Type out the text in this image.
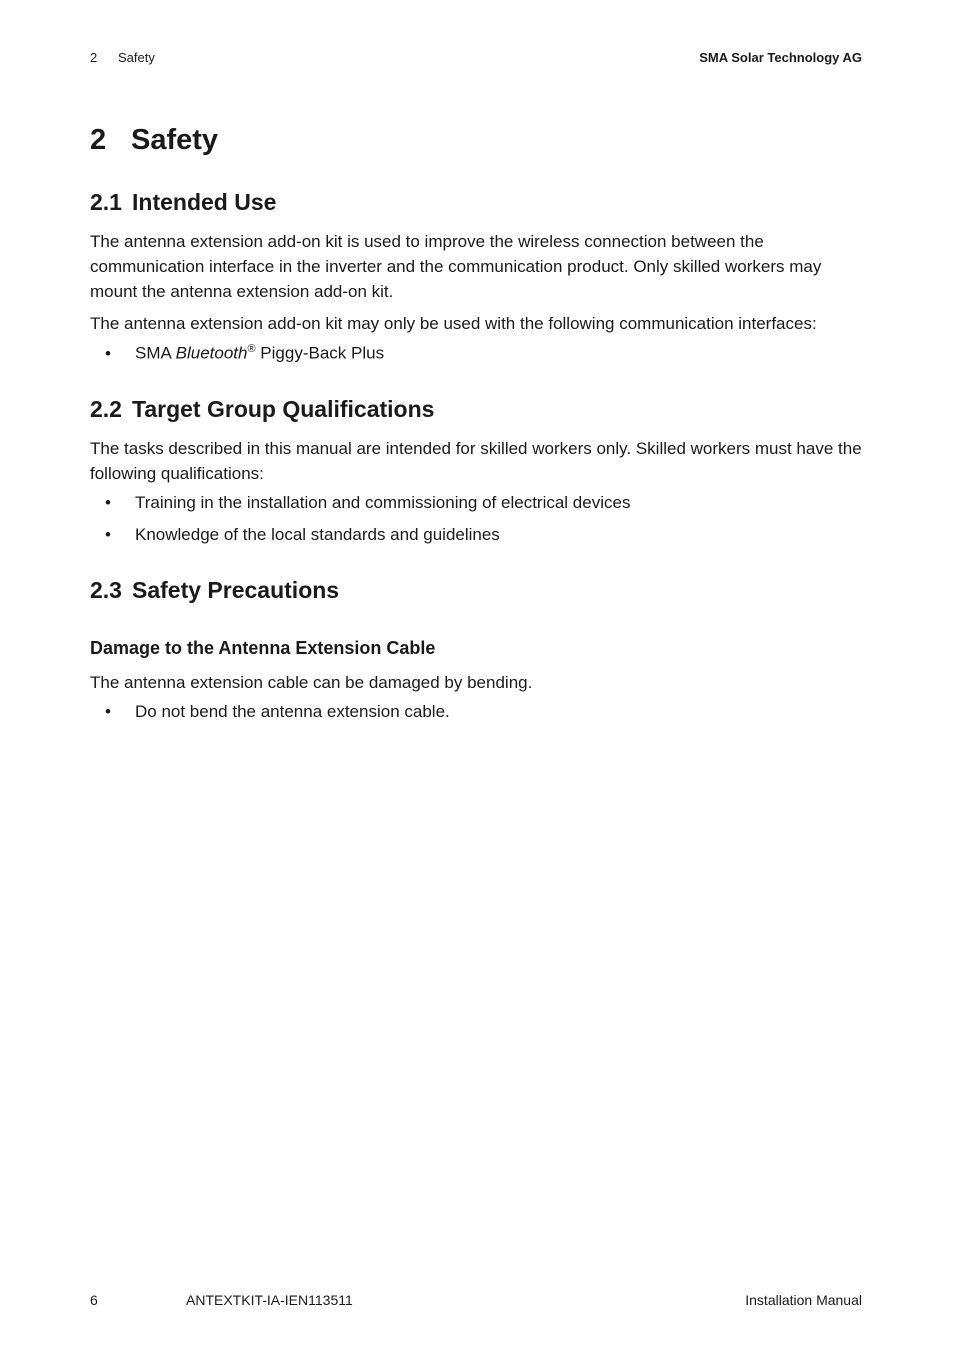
2 Safety	SMA Solar Technology AG
2 Safety
2.1 Intended Use
The antenna extension add-on kit is used to improve the wireless connection between the
communication interface in the inverter and the communication product. Only skilled workers may
mount the antenna extension add-on kit.
The antenna extension add-on kit may only be used with the following communication interfaces:
• SMA Bluetooth® Piggy-Back Plus
2.2 Target Group Qualifications
The tasks described in this manual are intended for skilled workers only. Skilled workers must have the
following qualifications:
• Training in the installation and commissioning of electrical devices
• Knowledge of the local standards and guidelines
2.3 Safety Precautions
Damage to the Antenna Extension Cable
The antenna extension cable can be damaged by bending.
• Do not bend the antenna extension cable.
6	ANTEXTKIT-IA-IEN113511	Installation Manual
